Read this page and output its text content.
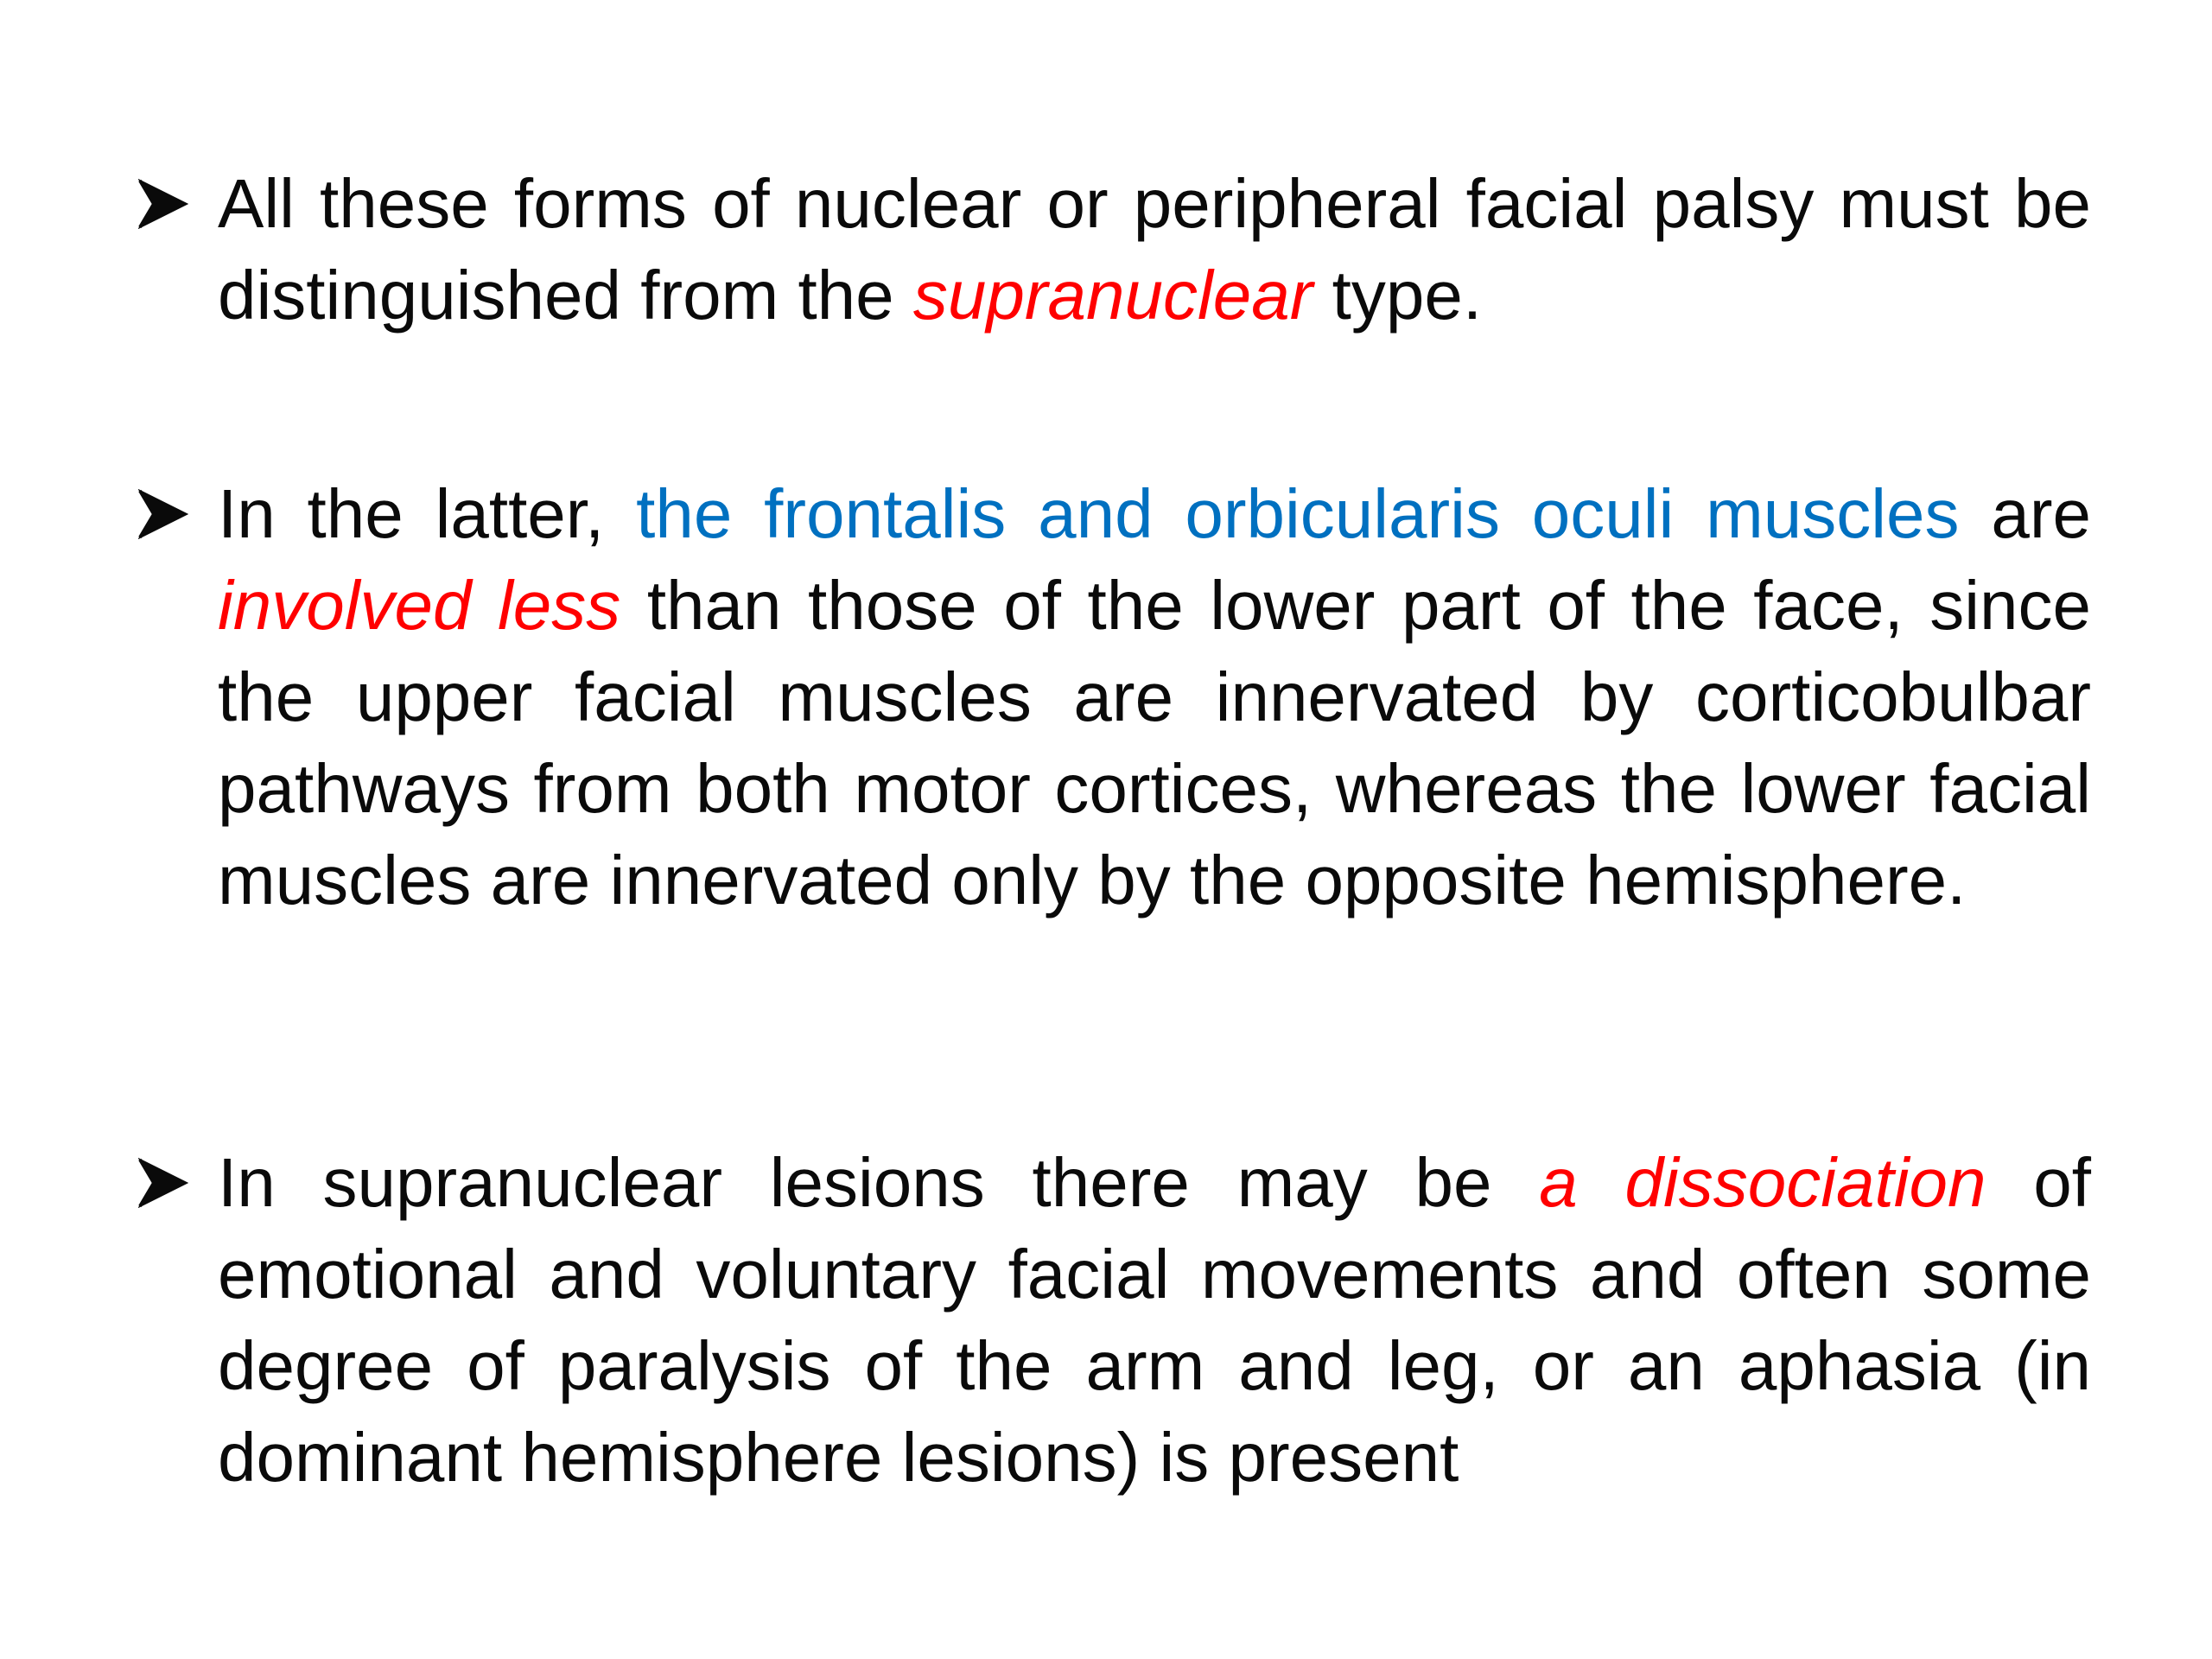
All these forms of nuclear or peripheral facial palsy must be distinguished from the supranuclear type.

In the latter, the frontalis and orbicularis oculi muscles are involved less than those of the lower part of the face, since the upper facial muscles are innervated by corticobulbar pathways from both motor cortices, whereas the lower facial muscles are innervated only by the opposite hemisphere.

In supranuclear lesions there may be a dissociation of emotional and voluntary facial movements and often some degree of paralysis of the arm and leg, or an aphasia (in dominant hemisphere lesions) is present
